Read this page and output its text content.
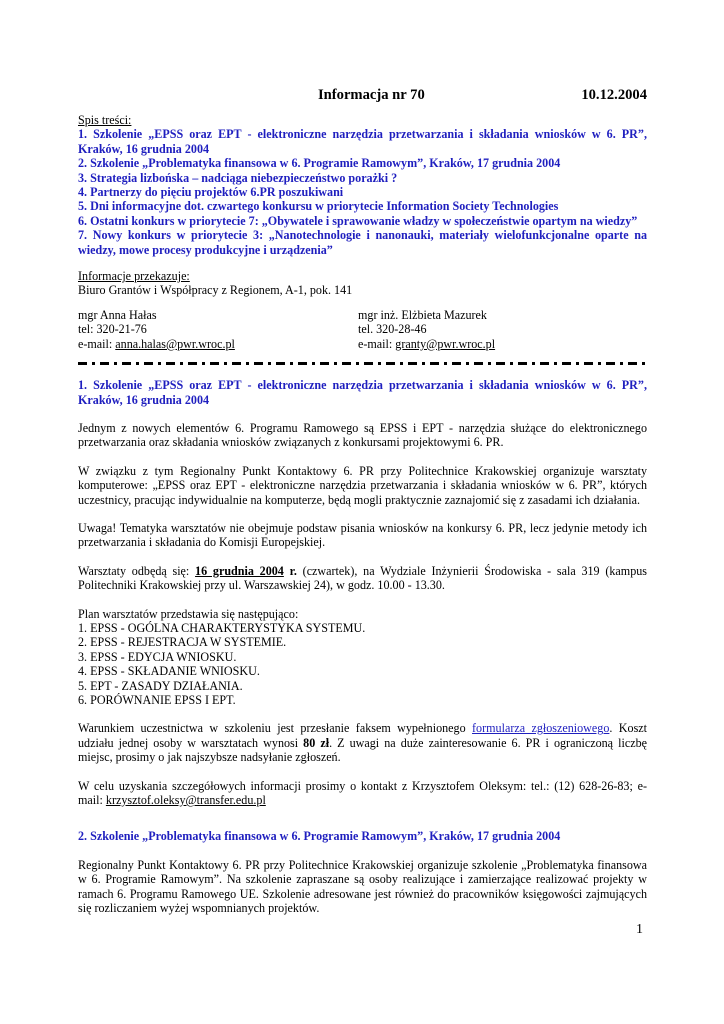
Informacja nr 70	10.12.2004
Spis treści:
1. Szkolenie „EPSS oraz EPT - elektroniczne narzędzia przetwarzania i składania wniosków w 6. PR”, Kraków, 16 grudnia 2004
2. Szkolenie „Problematyka finansowa w 6. Programie Ramowym”, Kraków, 17 grudnia 2004
3. Strategia lizbońska – nadciąga niebezpieczeństwo porażki ?
4. Partnerzy do pięciu projektów 6.PR poszukiwani
5. Dni informacyjne dot. czwartego konkursu w priorytecie Information Society Technologies
6. Ostatni konkurs w priorytecie 7: „Obywatele i sprawowanie władzy w społeczeństwie opartym na wiedzy”
7. Nowy konkurs w priorytecie 3: „Nanotechnologie i nanonauki, materiały wielofunkcjonalne oparte na wiedzy, mowe procesy produkcyjne i urządzenia”
Informacje przekazuje:
Biuro Grantów i Współpracy z Regionem, A-1, pok. 141
mgr Anna Hałas
tel: 320-21-76
e-mail: anna.halas@pwr.wroc.pl
mgr inż. Elżbieta Mazurek
tel. 320-28-46
e-mail: granty@pwr.wroc.pl
1. Szkolenie „EPSS oraz EPT - elektroniczne narzędzia przetwarzania i składania wniosków w 6. PR”, Kraków, 16 grudnia 2004

Jednym z nowych elementów 6. Programu Ramowego są EPSS i EPT - narzędzia służące do elektronicznego przetwarzania oraz składania wniosków związanych z konkursami projektowymi 6. PR.

W związku z tym Regionalny Punkt Kontaktowy 6. PR przy Politechnice Krakowskiej organizuje warsztaty komputerowe: „EPSS oraz EPT - elektroniczne narzędzia przetwarzania i składania wniosków w 6. PR”, których uczestnicy, pracując indywidualnie na komputerze, będą mogli praktycznie zaznajomić się z zasadami ich działania.

Uwaga! Tematyka warsztatów nie obejmuje podstaw pisania wniosków na konkursy 6. PR, lecz jedynie metody ich przetwarzania i składania do Komisji Europejskiej.

Warsztaty odbędą się: 16 grudnia 2004 r. (czwartek), na Wydziale Inżynierii Środowiska - sala 319 (kampus Politechniki Krakowskiej przy ul. Warszawskiej 24), w godz. 10.00 - 13.30.

Plan warsztatów przedstawia się następująco:
1. EPSS - OGÓLNA CHARAKTERYSTYKA SYSTEMU.
2. EPSS - REJESTRACJA W SYSTEMIE.
3. EPSS - EDYCJA WNIOSKU.
4. EPSS - SKŁADANIE WNIOSKU.
5. EPT - ZASADY DZIAŁANIA.
6. PORÓWNANIE EPSS I EPT.

Warunkiem uczestnictwa w szkoleniu jest przesłanie faksem wypełnionego formularza zgłoszeniowego. Koszt udziału jednej osoby w warsztatach wynosi 80 zł. Z uwagi na duże zainteresowanie 6. PR i ograniczoną liczbę miejsc, prosimy o jak najszybsze nadsyłanie zgłoszeń.

W celu uzyskania szczegółowych informacji prosimy o kontakt z Krzysztofem Oleksym: tel.: (12) 628-26-83; e-mail: krzysztof.oleksy@transfer.edu.pl

2. Szkolenie „Problematyka finansowa w 6. Programie Ramowym”, Kraków, 17 grudnia 2004

Regionalny Punkt Kontaktowy 6. PR przy Politechnice Krakowskiej organizuje szkolenie „Problematyka finansowa w 6. Programie Ramowym”. Na szkolenie zapraszane są osoby realizujące i zamierzające realizować projekty w ramach 6. Programu Ramowego UE. Szkolenie adresowane jest również do pracowników księgowości zajmujących się rozliczaniem wyżej wspomnianych projektów.

1
